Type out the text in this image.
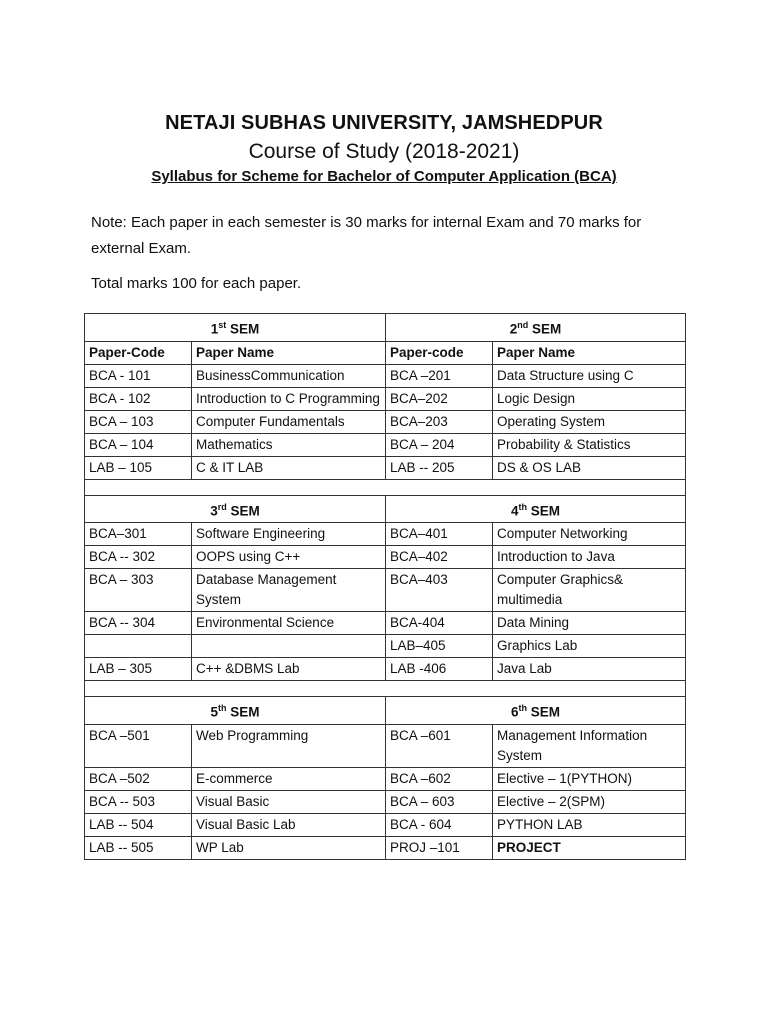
NETAJI SUBHAS UNIVERSITY, JAMSHEDPUR
Course of Study (2018-2021)
Syllabus for Scheme for Bachelor of Computer Application (BCA)
Note: Each paper in each semester is 30 marks for internal Exam and 70 marks for external Exam.
Total marks 100 for each paper.
1st SEM		2nd SEM	
Paper-Code	Paper Name	Paper-code	Paper Name
BCA - 101	BusinessCommunication	BCA –201	Data Structure using C
BCA - 102	Introduction to C Programming	BCA–202	Logic Design
BCA – 103	Computer Fundamentals	BCA–203	Operating System
BCA – 104	Mathematics	BCA – 204	Probability & Statistics
LAB – 105	C & IT LAB	LAB -- 205	DS & OS LAB

3rd SEM		4th SEM	
BCA–301	Software Engineering	BCA–401	Computer Networking
BCA -- 302	OOPS using C++	BCA–402	Introduction to Java
BCA – 303	Database Management System	BCA–403	Computer Graphics& multimedia
BCA -- 304	Environmental Science	BCA-404	Data Mining
		LAB–405	Graphics Lab
LAB – 305	C++ &DBMS Lab	LAB -406	Java Lab

5th SEM		6th SEM	
BCA –501	Web Programming	BCA –601	Management Information System
BCA –502	E-commerce	BCA –602	Elective – 1(PYTHON)
BCA -- 503	Visual Basic	BCA – 603	Elective – 2(SPM)
LAB -- 504	Visual Basic Lab	BCA - 604	PYTHON LAB
LAB -- 505	WP Lab	PROJ –101	PROJECT
